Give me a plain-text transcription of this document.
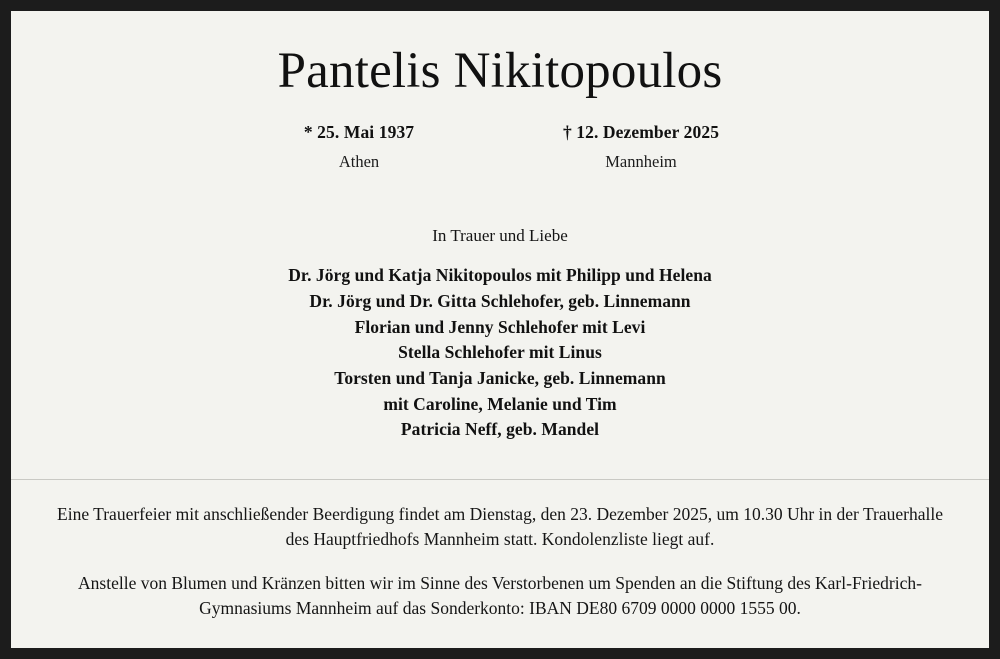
Pantelis Nikitopoulos
* 25. Mai 1937
Athen
† 12. Dezember 2025
Mannheim
In Trauer und Liebe
Dr. Jörg und Katja Nikitopoulos mit Philipp und Helena
Dr. Jörg und Dr. Gitta Schlehofer, geb. Linnemann
Florian und Jenny Schlehofer mit Levi
Stella Schlehofer mit Linus
Torsten und Tanja Janicke, geb. Linnemann
mit Caroline, Melanie und Tim
Patricia Neff, geb. Mandel
Eine Trauerfeier mit anschließender Beerdigung findet am Dienstag, den 23. Dezember 2025, um 10.30 Uhr in der Trauerhalle des Hauptfriedhofs Mannheim statt. Kondolenzliste liegt auf.
Anstelle von Blumen und Kränzen bitten wir im Sinne des Verstorbenen um Spenden an die Stiftung des Karl-Friedrich-Gymnasiums Mannheim auf das Sonderkonto: IBAN DE80 6709 0000 0000 1555 00.
